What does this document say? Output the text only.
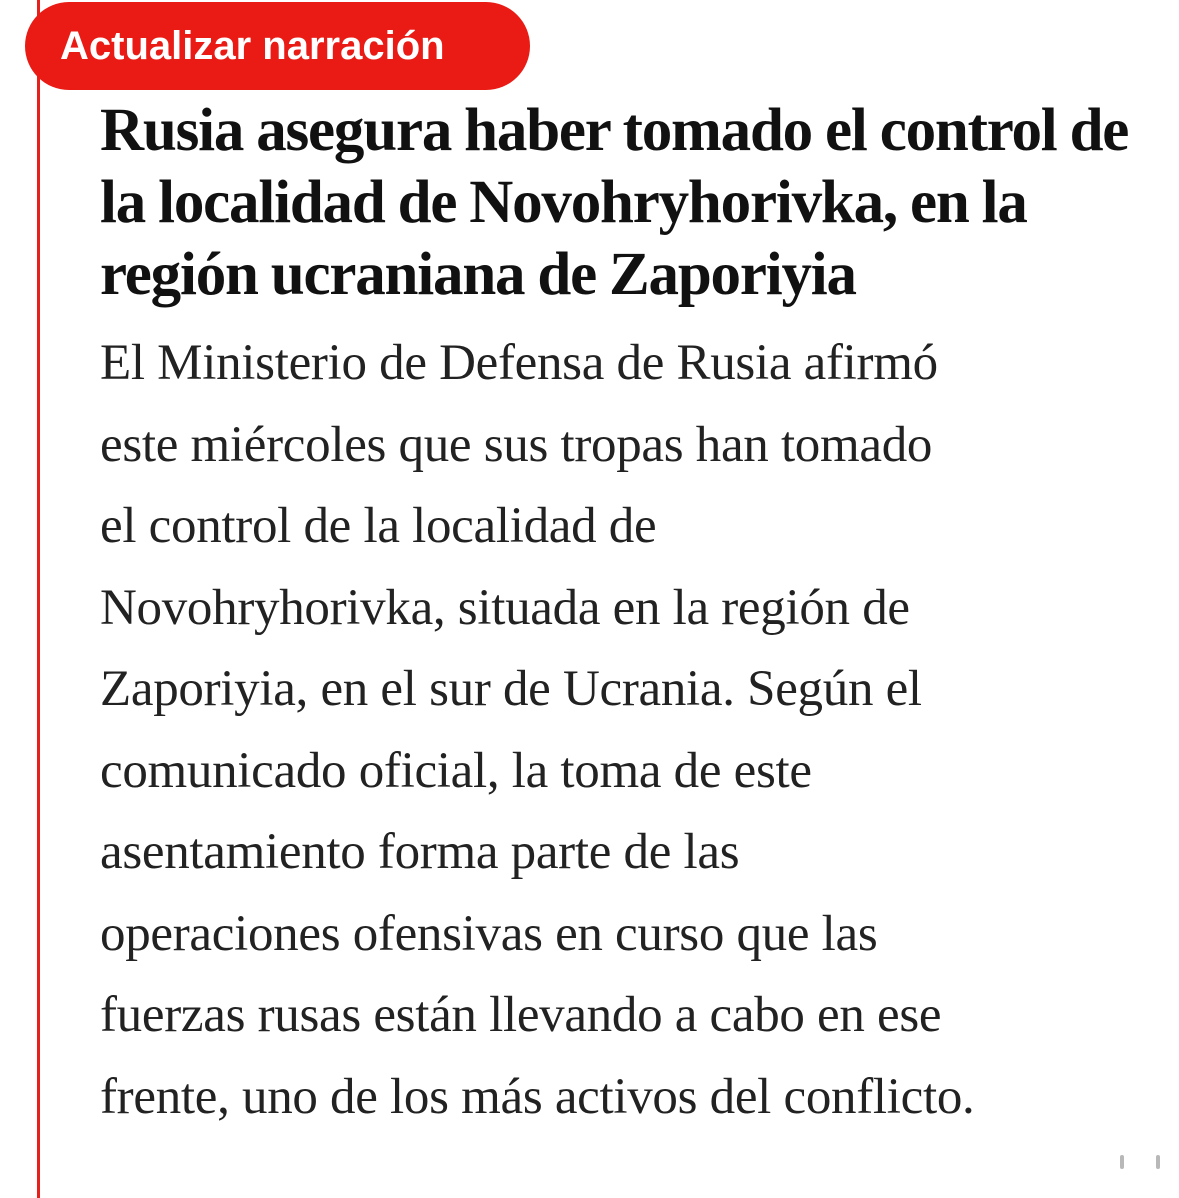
Actualizar narración
Rusia asegura haber tomado el control de la localidad de Novohryhorivka, en la región ucraniana de Zaporiyia
El Ministerio de Defensa de Rusia afirmó
este miércoles que sus tropas han tomado
el control de la localidad de
Novohryhorivka, situada en la región de
Zaporiyia, en el sur de Ucrania. Según el
comunicado oficial, la toma de este
asentamiento forma parte de las
operaciones ofensivas en curso que las
fuerzas rusas están llevando a cabo en ese
frente, uno de los más activos del conflicto.
